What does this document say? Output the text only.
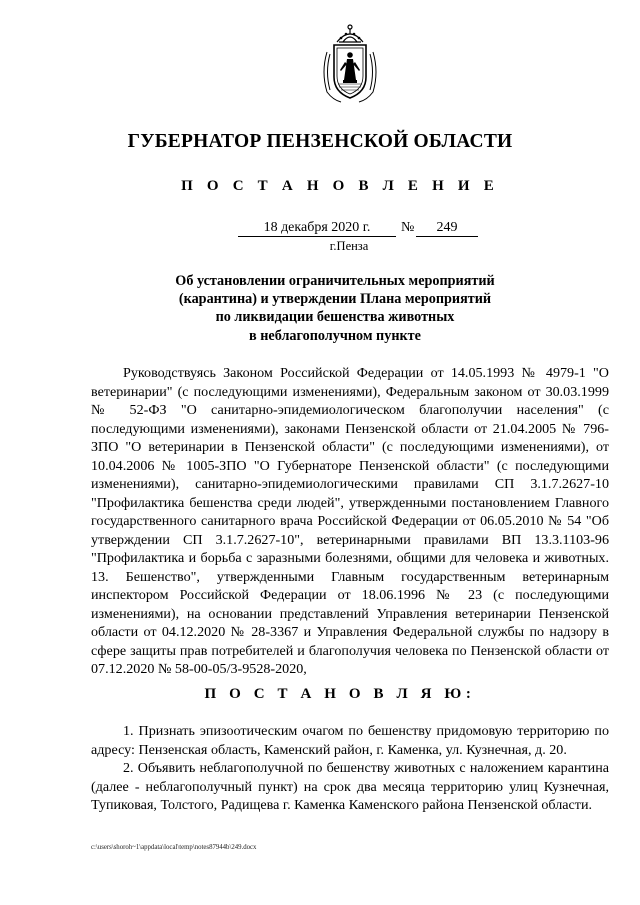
ГУБЕРНАТОР ПЕНЗЕНСКОЙ ОБЛАСТИ
П О С Т А Н О В Л Е Н И Е
18 декабря 2020 г.	№	249
г.Пенза
Об установлении ограничительных мероприятий
(карантина) и утверждении Плана мероприятий
по ликвидации бешенства животных
в неблагополучном пункте

Руководствуясь Законом Российской Федерации от 14.05.1993 № 4979-1 "О ветеринарии" (с последующими изменениями), Федеральным законом от 30.03.1999 № 52-ФЗ "О санитарно-эпидемиологическом благополучии населения" (с последующими изменениями), законами Пензенской области от 21.04.2005 № 796-ЗПО "О ветеринарии в Пензенской области" (с последующими изменениями), от 10.04.2006 № 1005-ЗПО "О Губернаторе Пензенской области" (с последующими изменениями), санитарно-эпидемиологическими правилами СП 3.1.7.2627-10 "Профилактика бешенства среди людей", утвержденными постановлением Главного государственного санитарного врача Российской Федерации от 06.05.2010 № 54 "Об утверждении СП 3.1.7.2627-10", ветеринарными правилами ВП 13.3.1103-96 "Профилактика и борьба с заразными болезнями, общими для человека и животных. 13. Бешенство", утвержденными Главным государственным ветеринарным инспектором Российской Федерации от 18.06.1996 № 23 (с последующими изменениями), на основании представлений Управления ветеринарии Пензенской области от 04.12.2020 № 28-3367 и Управления Федеральной службы по надзору в сфере защиты прав потребителей и благополучия человека по Пензенской области от 07.12.2020 № 58-00-05/3-9528-2020,

П О С Т А Н О В Л Я Ю:

1. Признать эпизоотическим очагом по бешенству придомовую территорию по адресу: Пензенская область, Каменский район, г. Каменка, ул. Кузнечная, д. 20.

2. Объявить неблагополучной по бешенству животных с наложением карантина (далее - неблагополучный пункт) на срок два месяца территорию улиц Кузнечная, Тупиковая, Толстого, Радищева г. Каменка Каменского района Пензенской области.

c:\users\shoroh~1\appdata\local\temp\notes87944b\249.docx
